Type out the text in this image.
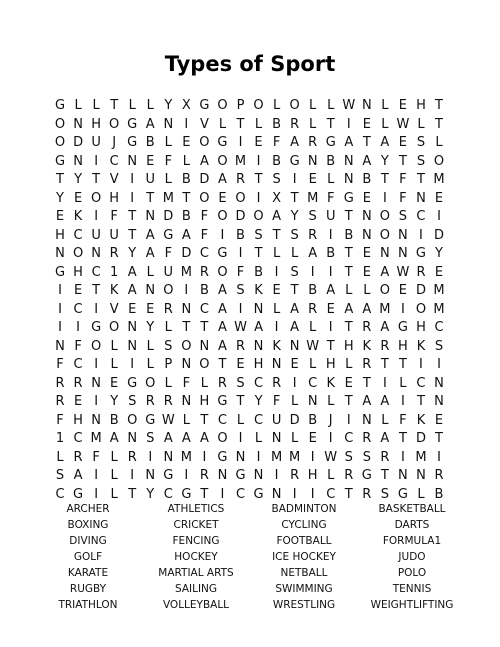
Types of Sport
G L L T L L Y X G O P O L O L L W N L E H T
O N H O G A N I V L T L B R L T I E L W L T
O D U J G B L E O G I E F A R G A T A E S L
G N I C N E F L A O M I B G N B N A Y T S O
T Y T V I U L B D A R T S I E L N B T F T M
Y E O H I T M T O E O I X T M F G E I F N E
E K I F T N D B F O D O A Y S U T N O S C I
H C U U T A G A F I B S T S R I B N O N I D
N O N R Y A F D C G I T L L A B T E N N G Y
G H C 1 A L U M R O F B I S I	I T E A W R E
I E T K A N O I B A S K E T B A L L O E D M
I C I V E E R N C A I N L A R E A A M I O M
I	I G O N Y L T T A W A I A L I T R A G H C
N F O L N L S O N A R N K N W T H K R H K S
F C I L I L P N O T E H N E L H L R T T I	I
R R N E G O L F L R S C R I C K E T I L C N
R E I Y S R R N H G T Y F L N L T A A I T N
F H N B O G W L T C L C U D B J	I N L F K E
1 C M A N S A A A O I L N L E I C R A T D T
L R F L R I N M I G N I M M I W S S R I M I
S A I L I N G I R N G N I R H L R G T N N R
C G I L T Y C G T I C G N I	I C T R S G L B
ARCHER	ATHLETICS	BADMINTON	BASKETBALL
BOXING	CRICKET	CYCLING	DARTS
DIVING	FENCING	FOOTBALL	FORMULA1
GOLF	HOCKEY	ICE HOCKEY	JUDO
KARATE	MARTIAL ARTS	NETBALL	POLO
RUGBY	SAILING	SWIMMING	TENNIS
TRIATHLON	VOLLEYBALL	WRESTLING	WEIGHTLIFTING
